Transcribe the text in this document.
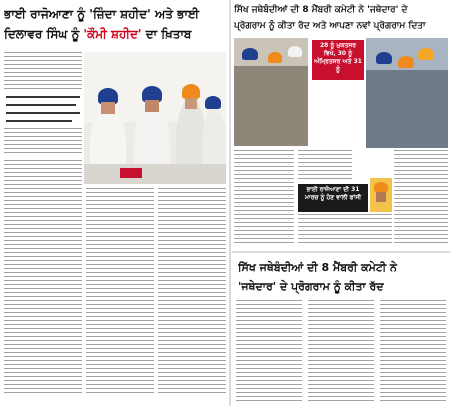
ਭਾਈ ਰਾਜੋਆਣਾ ਨੂੰ 'ਜ਼ਿੰਦਾ ਸ਼ਹੀਦ' ਅਤੇ ਭਾਈ
ਦਿਲਾਵਰ ਸਿੰਘ ਨੂੰ 'ਕੌਮੀ ਸ਼ਹੀਦ' ਦਾ ਖ਼ਿਤਾਬ
ਸਿੱਖ ਜਥੇਬੰਦੀਆਂ ਦੀ 8 ਮੈਂਬਰੀ ਕਮੇਟੀ ਨੇ 'ਜਥੇਦਾਰ' ਦੇ
ਪ੍ਰੋਗਰਾਮ ਨੂੰ ਕੀਤਾ ਰੱਦ ਅਤੇ ਆਪਣਾ ਨਵਾਂ ਪ੍ਰੋਗਰਾਮ ਦਿਤਾ
28 ਨੂੰ ਮੁਕਤਸਰ ਵਿਖੇ, 30 ਨੂੰ ਅੰਮ੍ਰਿਤਸਰ ਅਤੇ 31 ਨੂੰ
ਭਾਈ ਰਾਜੋਆਣਾ ਦੀ 31 ਮਾਰਚ ਨੂੰ ਹੋਣ ਵਾਲੀ ਫਾਂਸੀ
ਸਿੱਖ ਜਥੇਬੰਦੀਆਂ ਦੀ 8 ਮੈਂਬਰੀ ਕਮੇਟੀ ਨੇ
'ਜਥੇਦਾਰ' ਦੇ ਪ੍ਰੋਗਰਾਮ ਨੂੰ ਕੀਤਾ ਰੱਦ
